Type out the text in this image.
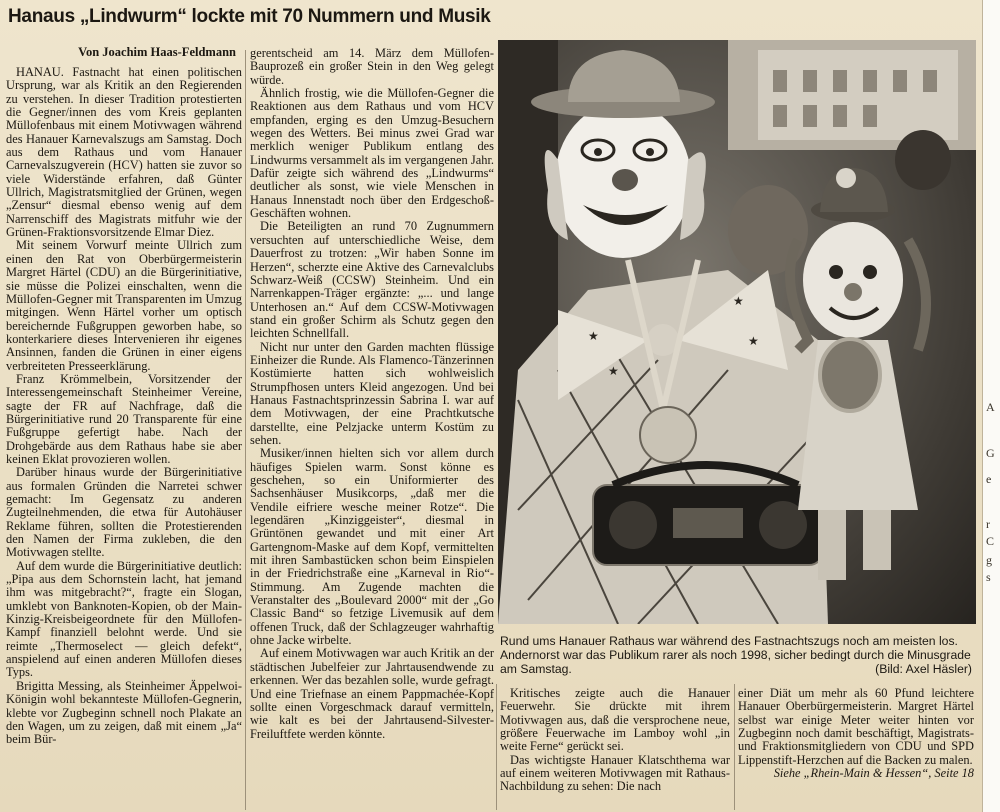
A
G
e
r
C
g
s
Hanaus „Lindwurm“ lockte mit 70 Nummern und Musik
Von Joachim Haas-Feldmann

HANAU. Fastnacht hat einen politischen Ursprung, war als Kritik an den Regierenden zu verstehen. In dieser Tradition protestierten die Gegner/innen des vom Kreis geplanten Müllofenbaus mit einem Motivwagen während des Hanauer Karnevalszugs am Samstag. Doch aus dem Rathaus und vom Hanauer Carnevalszugverein (HCV) hatten sie zuvor so viele Widerstände erfahren, daß Günter Ullrich, Magistratsmitglied der Grünen, wegen „Zensur“ diesmal ebenso wenig auf dem Narrenschiff des Magistrats mitfuhr wie der Grünen-Fraktionsvorsitzende Elmar Diez.

Mit seinem Vorwurf meinte Ullrich zum einen den Rat von Oberbürgermeisterin Margret Härtel (CDU) an die Bürgerinitiative, sie müsse die Polizei einschalten, wenn die Müllofen-Gegner mit Transparenten im Umzug mitgingen. Wenn Härtel vorher um optisch bereichernde Fußgruppen geworben habe, so konterkariere dieses Intervenieren ihr eigenes Ansinnen, fanden die Grünen in einer eigens verbreiteten Presseerklärung.

Franz Krömmelbein, Vorsitzender der Interessengemeinschaft Steinheimer Vereine, sagte der FR auf Nachfrage, daß die Bürgerinitiative rund 20 Transparente für eine Fußgruppe gefertigt habe. Nach der Drohgebärde aus dem Rathaus habe sie aber keinen Eklat provozieren wollen.

Darüber hinaus wurde der Bürgerinitiative aus formalen Gründen die Narretei schwer gemacht: Im Gegensatz zu anderen Zugteilnehmenden, die etwa für Autohäuser Reklame führen, sollten die Protestierenden den Namen der Firma zukleben, die den Motivwagen stellte.

Auf dem wurde die Bürgerinitiative deutlich: „Pipa aus dem Schornstein lacht, hat jemand ihm was mitgebracht?“, fragte ein Slogan, umklebt von Banknoten-Kopien, ob der Main-Kinzig-Kreisbeigeordnete für den Müllofen-Kampf finanziell belohnt werde. Und sie reimte „Thermoselect — gleich defekt“, anspielend auf einen anderen Müllofen dieses Typs.

Brigitta Messing, als Steinheimer Äppelwoi-Königin wohl bekannteste Müllofen-Gegnerin, klebte vor Zugbeginn schnell noch Plakate an den Wagen, um zu zeigen, daß mit einem „Ja“ beim Bür-

gerentscheid am 14. März dem Müllofen-Bauprozeß ein großer Stein in den Weg gelegt würde.

Ähnlich frostig, wie die Müllofen-Gegner die Reaktionen aus dem Rathaus und vom HCV empfanden, erging es den Umzug-Besuchern wegen des Wetters. Bei minus zwei Grad war merklich weniger Publikum entlang des Lindwurms versammelt als im vergangenen Jahr. Dafür zeigte sich während des „Lindwurms“ deutlicher als sonst, wie viele Menschen in Hanaus Innenstadt noch über den Erdgeschoß-Geschäften wohnen.

Die Beteiligten an rund 70 Zugnummern versuchten auf unterschiedliche Weise, dem Dauerfrost zu trotzen: „Wir haben Sonne im Herzen“, scherzte eine Aktive des Carnevalclubs Schwarz-Weiß (CCSW) Steinheim. Und ein Narrenkappen-Träger ergänzte: „... und lange Unterhosen an.“ Auf dem CCSW-Motivwagen stand ein großer Schirm als Schutz gegen den leichten Schnellfall.

Nicht nur unter den Garden machten flüssige Einheizer die Runde. Als Flamenco-Tänzerinnen Kostümierte hatten sich wohlweislich Strumpfhosen unters Kleid angezogen. Und bei Hanaus Fastnachtsprinzessin Sabrina I. war auf dem Motivwagen, der eine Prachtkutsche darstellte, eine Pelzjacke unterm Kostüm zu sehen.

Musiker/innen hielten sich vor allem durch häufiges Spielen warm. Sonst könne es geschehen, so ein Uniformierter des Sachsenhäuser Musikcorps, „daß mer die Vendile eifriere wesche meiner Rotze“. Die legendären „Kinziggeister“, diesmal in Grüntönen gewandet und mit einer Art Gartengnom-Maske auf dem Kopf, vermittelten mit ihren Sambastücken schon beim Einspielen in der Friedrichstraße eine „Karneval in Rio“-Stimmung. Am Zugende machten die Veranstalter des „Boulevard 2000“ mit der „Go Classic Band“ so fetzige Livemusik auf dem offenen Truck, daß der Schlagzeuger wahrhaftig ohne Jacke wirbelte.

Auf einem Motivwagen war auch Kritik an der städtischen Jubelfeier zur Jahrtausendwende zu erkennen. Wer das bezahlen solle, wurde gefragt. Und eine Triefnase an einem Pappmachée-Kopf sollte einen Vorgeschmack darauf vermitteln, wie kalt es bei der Jahrtausend-Silvester-Freiluftfete werden könnte.

★
★
★
★
Rund ums Hanauer Rathaus war während des Fastnachtszugs noch am meisten los. Andernorst war das Publikum rarer als noch 1998, sicher bedingt durch die Minusgrade am Samstag.	(Bild: Axel Häsler)

Kritisches zeigte auch die Hanauer Feuerwehr. Sie drückte mit ihrem Motivwagen aus, daß die versprochene neue, größere Feuerwache im Lamboy wohl „in weite Ferne“ gerückt sei.

Das wichtigste Hanauer Klatschthema war auf einem weiteren Motivwagen mit Rathaus-Nachbildung zu sehen: Die nach

einer Diät um mehr als 60 Pfund leichtere Hanauer Oberbürgermeisterin. Margret Härtel selbst war einige Meter weiter hinten vor Zugbeginn noch damit beschäftigt, Magistrats- und Fraktionsmitgliedern von CDU und SPD Lippenstift-Herzchen auf die Backen zu malen.

Siehe „Rhein-Main & Hessen“, Seite 18
